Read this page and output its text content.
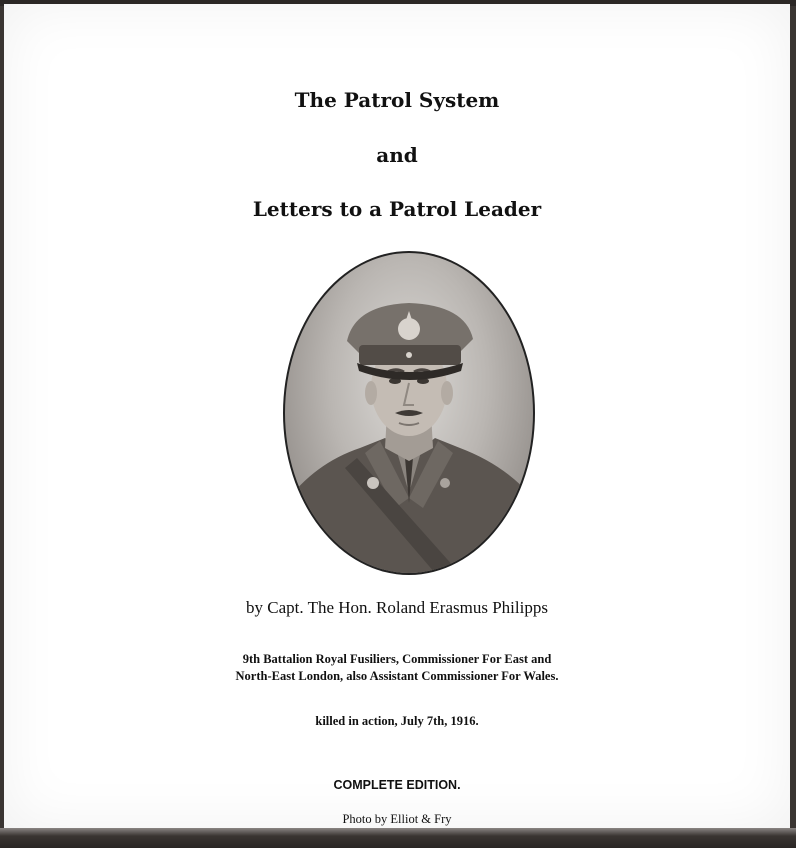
The Patrol System
and
Letters to a Patrol Leader
by Capt. The Hon. Roland Erasmus Philipps
9th Battalion Royal Fusiliers, Commissioner For East and
North-East London, also Assistant Commissioner For Wales.
killed in action, July 7th, 1916.
COMPLETE EDITION.
Photo by Elliot & Fry
